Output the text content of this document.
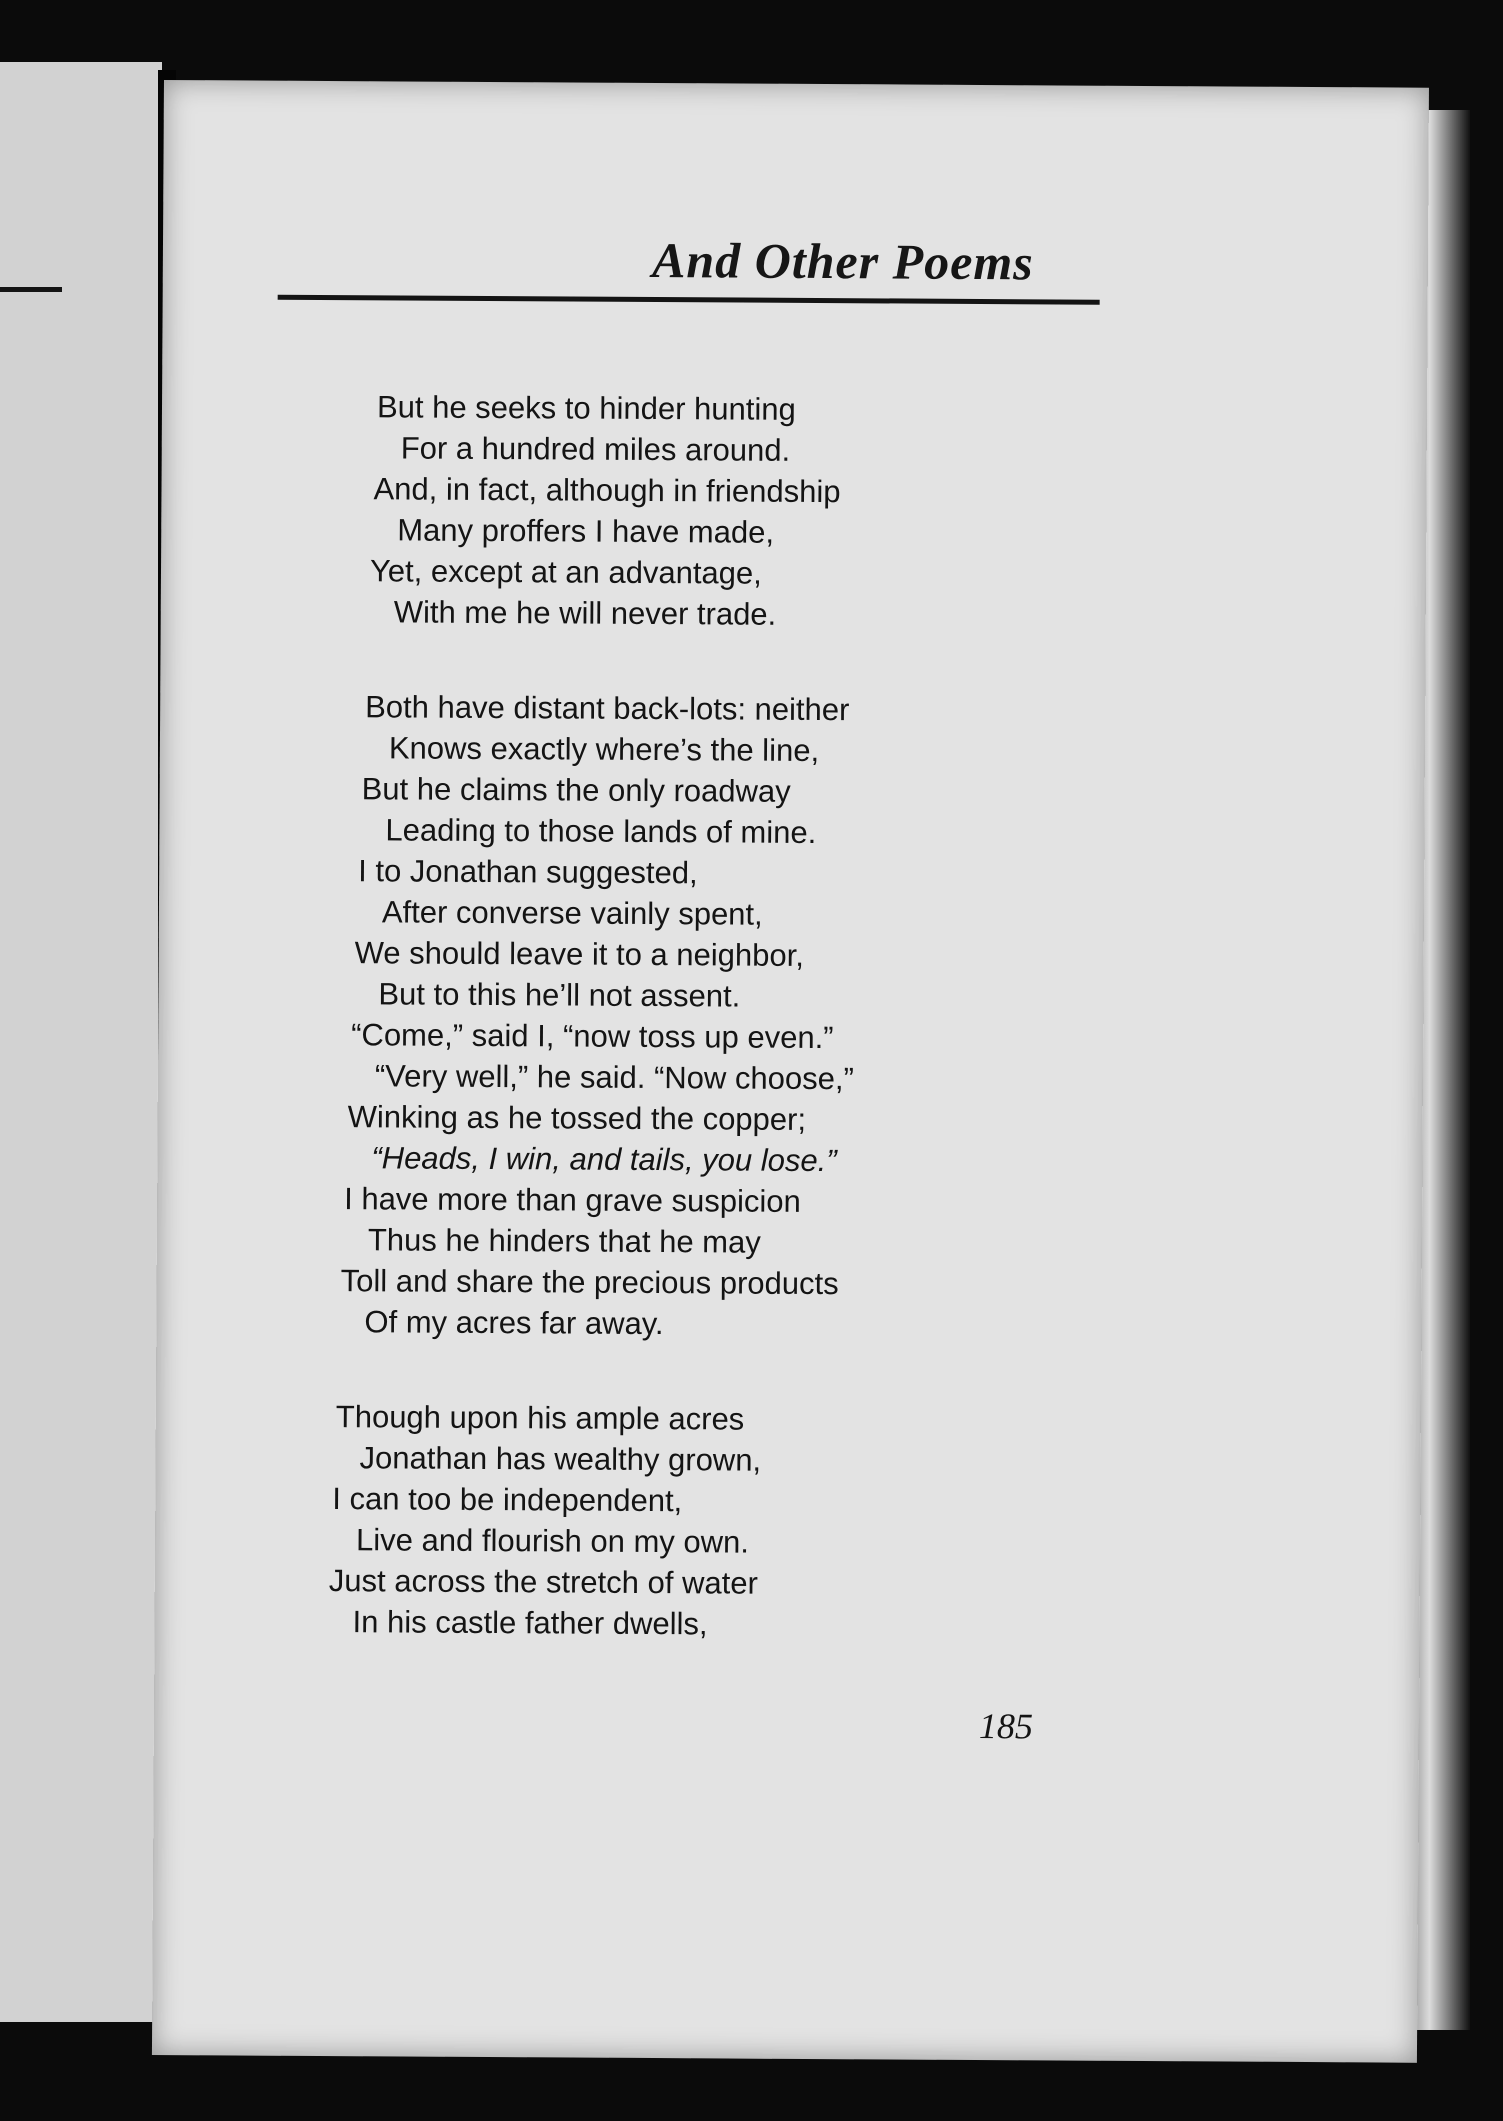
And Other Poems
But he seeks to hinder hunting
For a hundred miles around.
And, in fact, although in friendship
Many proffers I have made,
Yet, except at an advantage,
With me he will never trade.
Both have distant back-lots: neither
Knows exactly where’s the line,
But he claims the only roadway
Leading to those lands of mine.
I to Jonathan suggested,
After converse vainly spent,
We should leave it to a neighbor,
But to this he’ll not assent.
“Come,” said I, “now toss up even.”
“Very well,” he said. “Now choose,”
Winking as he tossed the copper;
“Heads, I win, and tails, you lose.”
I have more than grave suspicion
Thus he hinders that he may
Toll and share the precious products
Of my acres far away.
Though upon his ample acres
Jonathan has wealthy grown,
I can too be independent,
Live and flourish on my own.
Just across the stretch of water
In his castle father dwells,
185
